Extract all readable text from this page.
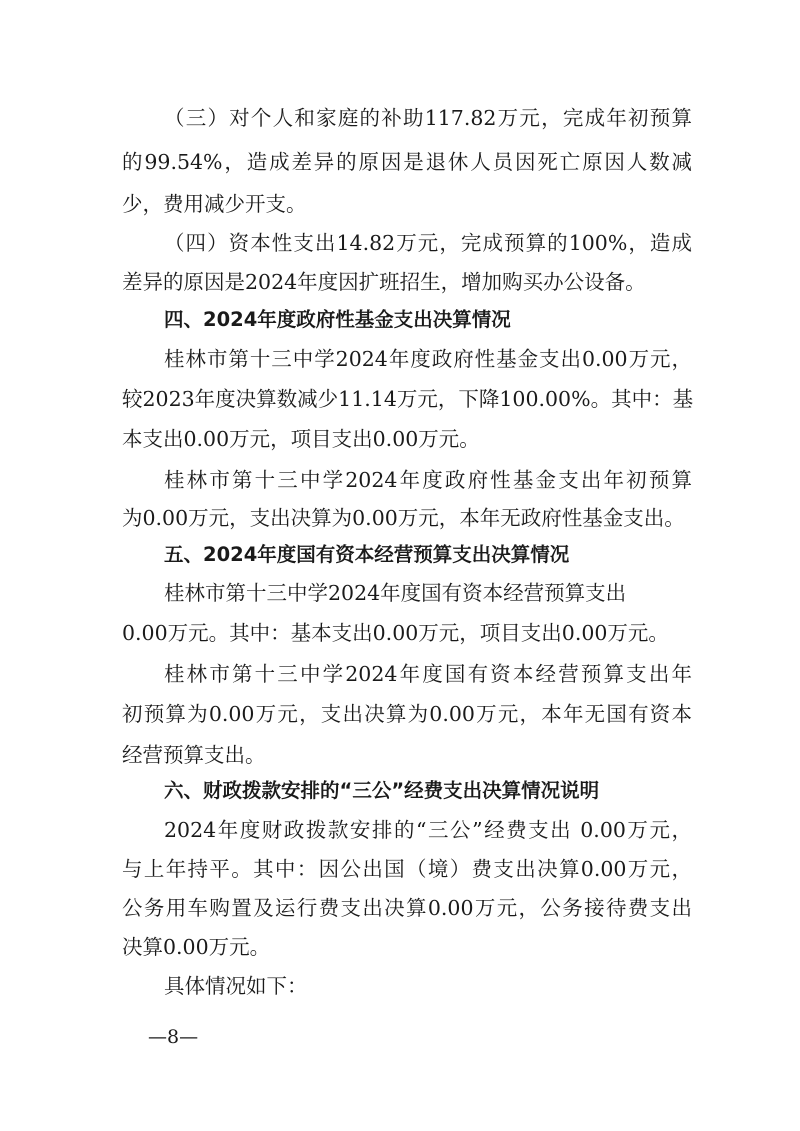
（三）对个人和家庭的补助117.82万元，完成年初预算
的99.54%，造成差异的原因是退休人员因死亡原因人数减
少，费用减少开支。
（四）资本性支出14.82万元，完成预算的100%，造成
差异的原因是2024年度因扩班招生，增加购买办公设备。
四、2024年度政府性基金支出决算情况
桂林市第十三中学2024年度政府性基金支出0.00万元，
较2023年度决算数减少11.14万元，下降100.00%。其中：基
本支出0.00万元，项目支出0.00万元。
桂林市第十三中学2024年度政府性基金支出年初预算
为0.00万元，支出决算为0.00万元，本年无政府性基金支出。
五、2024年度国有资本经营预算支出决算情况
桂林市第十三中学2024年度国有资本经营预算支出
0.00万元。其中：基本支出0.00万元，项目支出0.00万元。
桂林市第十三中学2024年度国有资本经营预算支出年
初预算为0.00万元，支出决算为0.00万元，本年无国有资本
经营预算支出。
六、财政拨款安排的“三公”经费支出决算情况说明
2024年度财政拨款安排的“三公”经费支出 0.00万元，
与上年持平。其中：因公出国（境）费支出决算0.00万元，
公务用车购置及运行费支出决算0.00万元，公务接待费支出
决算0.00万元。
具体情况如下：
—8—
